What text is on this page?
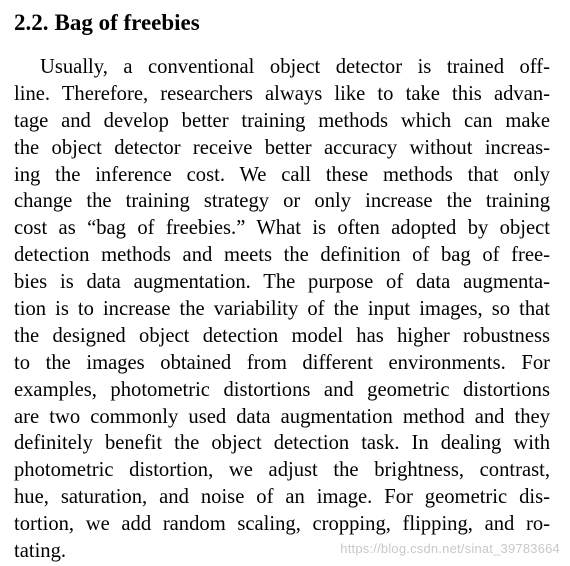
2.2. Bag of freebies
Usually, a conventional object detector is trained off-
line. Therefore, researchers always like to take this advan-
tage and develop better training methods which can make
the object detector receive better accuracy without increas-
ing the inference cost. We call these methods that only
change the training strategy or only increase the training
cost as “bag of freebies.” What is often adopted by object
detection methods and meets the definition of bag of free-
bies is data augmentation. The purpose of data augmenta-
tion is to increase the variability of the input images, so that
the designed object detection model has higher robustness
to the images obtained from different environments. For
examples, photometric distortions and geometric distortions
are two commonly used data augmentation method and they
definitely benefit the object detection task. In dealing with
photometric distortion, we adjust the brightness, contrast,
hue, saturation, and noise of an image. For geometric dis-
tortion, we add random scaling, cropping, flipping, and ro-
tating.	https://blog.csdn.net/sinat_39783664
